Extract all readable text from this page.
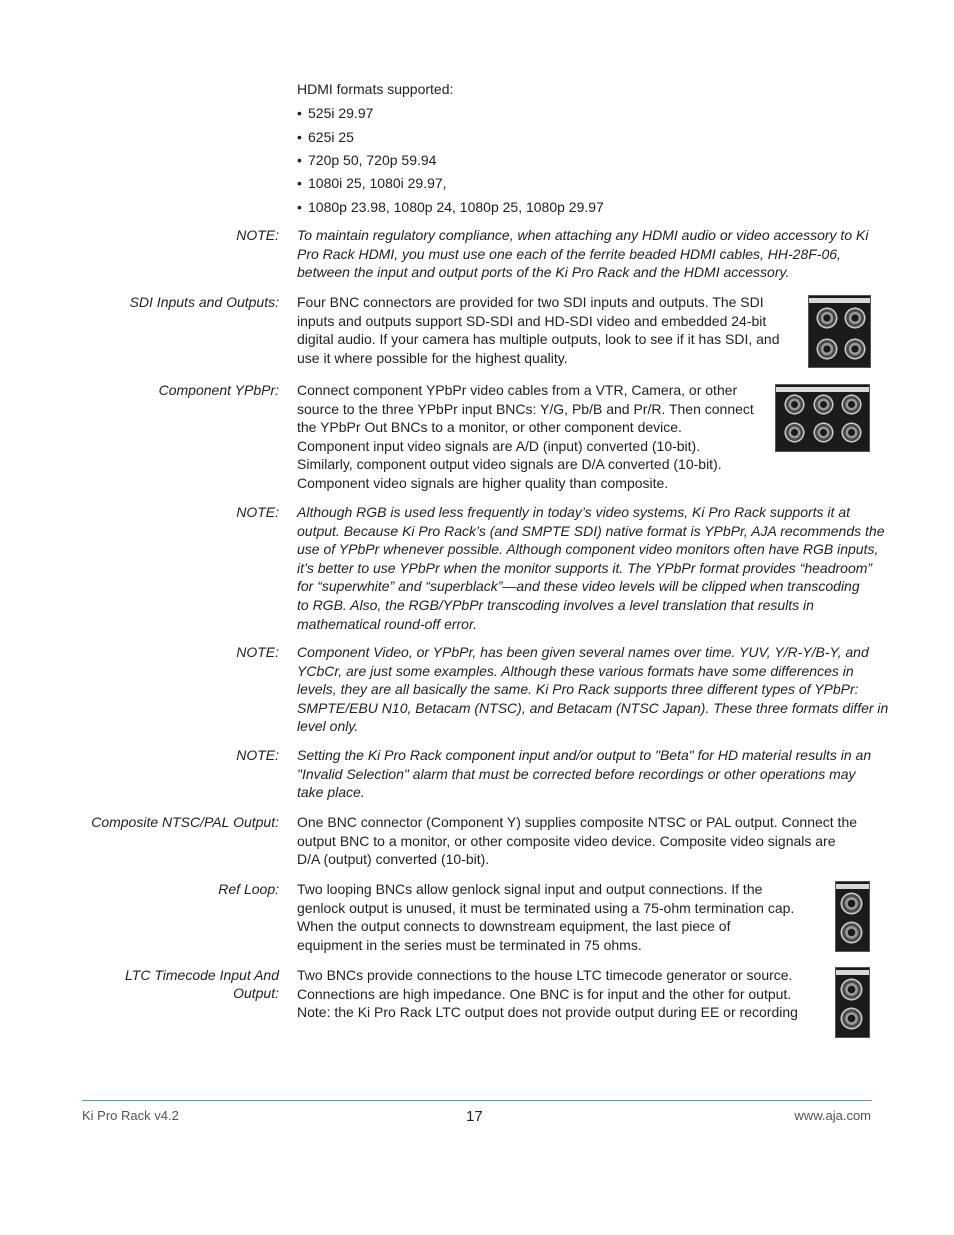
HDMI formats supported:
• 525i 29.97
• 625i 25
• 720p 50, 720p 59.94
• 1080i 25, 1080i 29.97,
• 1080p 23.98, 1080p 24, 1080p 25, 1080p 29.97
NOTE: To maintain regulatory compliance, when attaching any HDMI audio or video accessory to Ki
Pro Rack HDMI, you must use one each of the ferrite beaded HDMI cables, HH-28F-06,
between the input and output ports of the Ki Pro Rack and the HDMI accessory.
SDI Inputs and Outputs: Four BNC connectors are provided for two SDI inputs and outputs. The SDI
inputs and outputs support SD-SDI and HD-SDI video and embedded 24-bit
digital audio. If your camera has multiple outputs, look to see if it has SDI, and
use it where possible for the highest quality.
Component YPbPr: Connect component YPbPr video cables from a VTR, Camera, or other
source to the three YPbPr input BNCs: Y/G, Pb/B and Pr/R. Then connect
the YPbPr Out BNCs to a monitor, or other component device.
Component input video signals are A/D (input) converted (10-bit).
Similarly, component output video signals are D/A converted (10-bit).
Component video signals are higher quality than composite.
NOTE: Although RGB is used less frequently in today’s video systems, Ki Pro Rack supports it at
output. Because Ki Pro Rack’s (and SMPTE SDI) native format is YPbPr, AJA recommends the
use of YPbPr whenever possible. Although component video monitors often have RGB inputs,
it’s better to use YPbPr when the monitor supports it. The YPbPr format provides “headroom”
for “superwhite” and “superblack”—and these video levels will be clipped when transcoding
to RGB. Also, the RGB/YPbPr transcoding involves a level translation that results in
mathematical round-off error.
NOTE: Component Video, or YPbPr, has been given several names over time. YUV, Y/R-Y/B-Y, and
YCbCr, are just some examples. Although these various formats have some differences in
levels, they are all basically the same. Ki Pro Rack supports three different types of YPbPr:
SMPTE/EBU N10, Betacam (NTSC), and Betacam (NTSC Japan). These three formats differ in
level only.
NOTE: Setting the Ki Pro Rack component input and/or output to "Beta" for HD material results in an
"Invalid Selection" alarm that must be corrected before recordings or other operations may
take place.
Composite NTSC/PAL Output: One BNC connector (Component Y) supplies composite NTSC or PAL output. Connect the
output BNC to a monitor, or other composite video device. Composite video signals are
D/A (output) converted (10-bit).
Ref Loop: Two looping BNCs allow genlock signal input and output connections. If the
genlock output is unused, it must be terminated using a 75-ohm termination cap.
When the output connects to downstream equipment, the last piece of
equipment in the series must be terminated in 75 ohms.
LTC Timecode Input And
Output:
Two BNCs provide connections to the house LTC timecode generator or source.
Connections are high impedance. One BNC is for input and the other for output.
Note: the Ki Pro Rack LTC output does not provide output during EE or recording
Ki Pro Rack v4.2	17	www.aja.com
